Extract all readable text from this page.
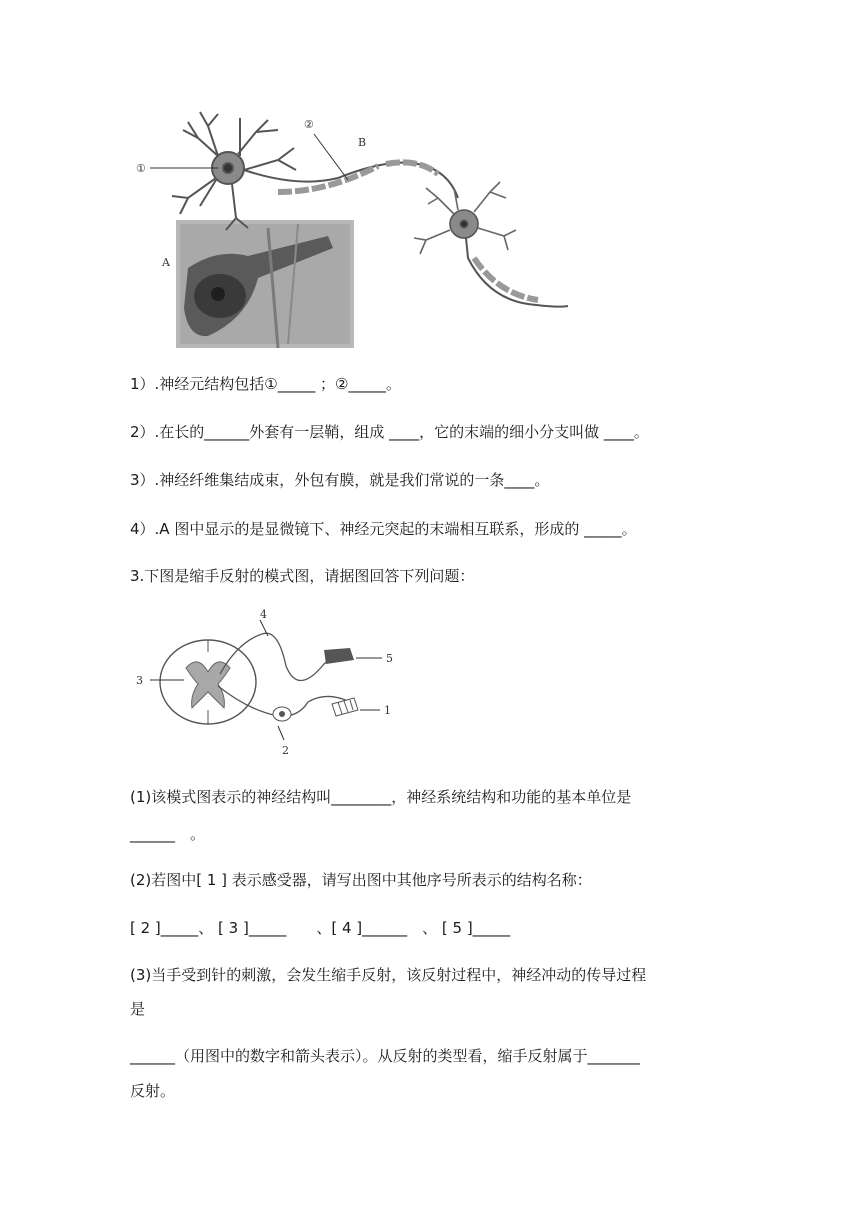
①
②
B
A
3
4
5
1
2
1）.神经元结构包括①_____ ；②_____。
2）.在长的______外套有一层鞘，组成 ____，它的末端的细小分支叫做 ____。
3）.神经纤维集结成束，外包有膜，就是我们常说的一条____。
4）.A 图中显示的是显微镜下、神经元突起的末端相互联系，形成的 _____。
3.下图是缩手反射的模式图，请据图回答下列问题：
(1)该模式图表示的神经结构叫________，神经系统结构和功能的基本单位是
______　。
(2)若图中[ 1 ] 表示感受器，请写出图中其他序号所表示的结构名称：
[ 2 ]_____、 [ 3 ]_____　　、[ 4 ]______　、 [ 5 ]_____
(3)当手受到针的刺激，会发生缩手反射，该反射过程中，神经冲动的传导过程
是
______（用图中的数字和箭头表示）。从反射的类型看，缩手反射属于_______
反射。
